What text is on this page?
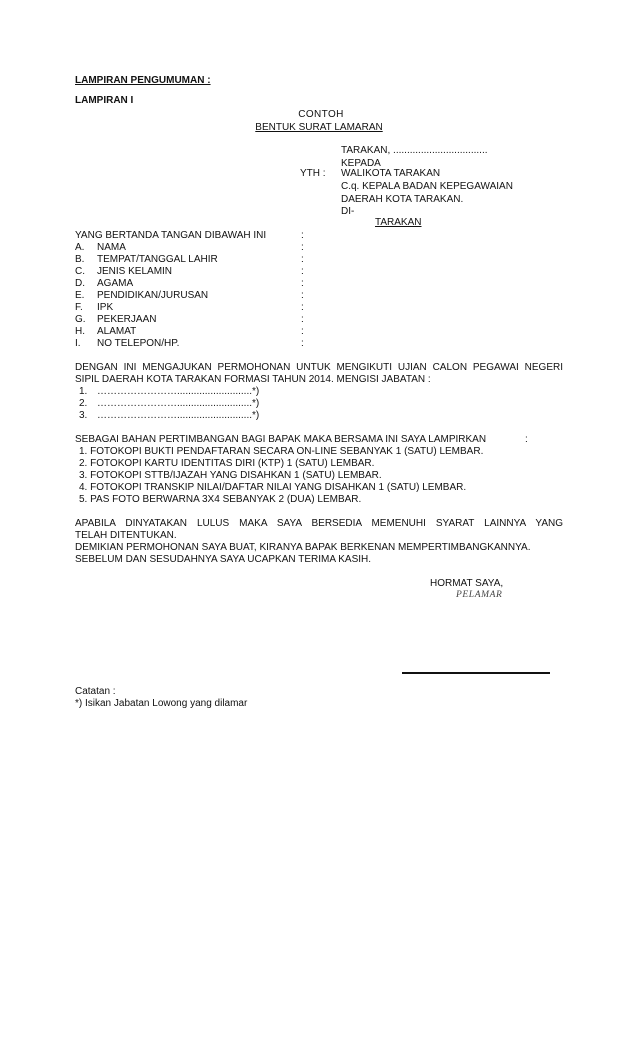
LAMPIRAN PENGUMUMAN :
LAMPIRAN I
CONTOH
BENTUK SURAT LAMARAN
TARAKAN, ..................................
KEPADA
YTH : WALIKOTA TARAKAN
C.q. KEPALA BADAN KEPEGAWAIAN
DAERAH KOTA TARAKAN.
DI-
TARAKAN
YANG BERTANDA TANGAN DIBAWAH INI	:
A. NAMA	:
B. TEMPAT/TANGGAL LAHIR	:
C. JENIS KELAMIN	:
D. AGAMA	:
E. PENDIDIKAN/JURUSAN	:
F. IPK	:
G. PEKERJAAN	:
H. ALAMAT	:
I. NO TELEPON/HP.	:
DENGAN INI MENGAJUKAN PERMOHONAN UNTUK MENGIKUTI UJIAN CALON PEGAWAI NEGERI
SIPIL DAERAH KOTA TARAKAN FORMASI TAHUN 2014. MENGISI JABATAN :
1. ……………………...........................*)
2. ……………………...........................*)
3. ……………………...........................*)
SEBAGAI BAHAN PERTIMBANGAN BAGI BAPAK MAKA BERSAMA INI SAYA LAMPIRKAN	:
1. FOTOKOPI BUKTI PENDAFTARAN SECARA ON-LINE SEBANYAK 1 (SATU) LEMBAR.
2. FOTOKOPI KARTU IDENTITAS DIRI (KTP) 1 (SATU) LEMBAR.
3. FOTOKOPI STTB/IJAZAH YANG DISAHKAN 1 (SATU) LEMBAR.
4. FOTOKOPI TRANSKIP NILAI/DAFTAR NILAI YANG DISAHKAN 1 (SATU) LEMBAR.
5. PAS FOTO BERWARNA 3X4 SEBANYAK 2 (DUA) LEMBAR.
APABILA DINYATAKAN LULUS MAKA SAYA BERSEDIA MEMENUHI SYARAT LAINNYA YANG
TELAH DITENTUKAN.
DEMIKIAN PERMOHONAN SAYA BUAT, KIRANYA BAPAK BERKENAN MEMPERTIMBANGKANNYA.
SEBELUM DAN SESUDAHNYA SAYA UCAPKAN TERIMA KASIH.
HORMAT SAYA,
PELAMAR
Catatan :
*) Isikan Jabatan Lowong yang dilamar
